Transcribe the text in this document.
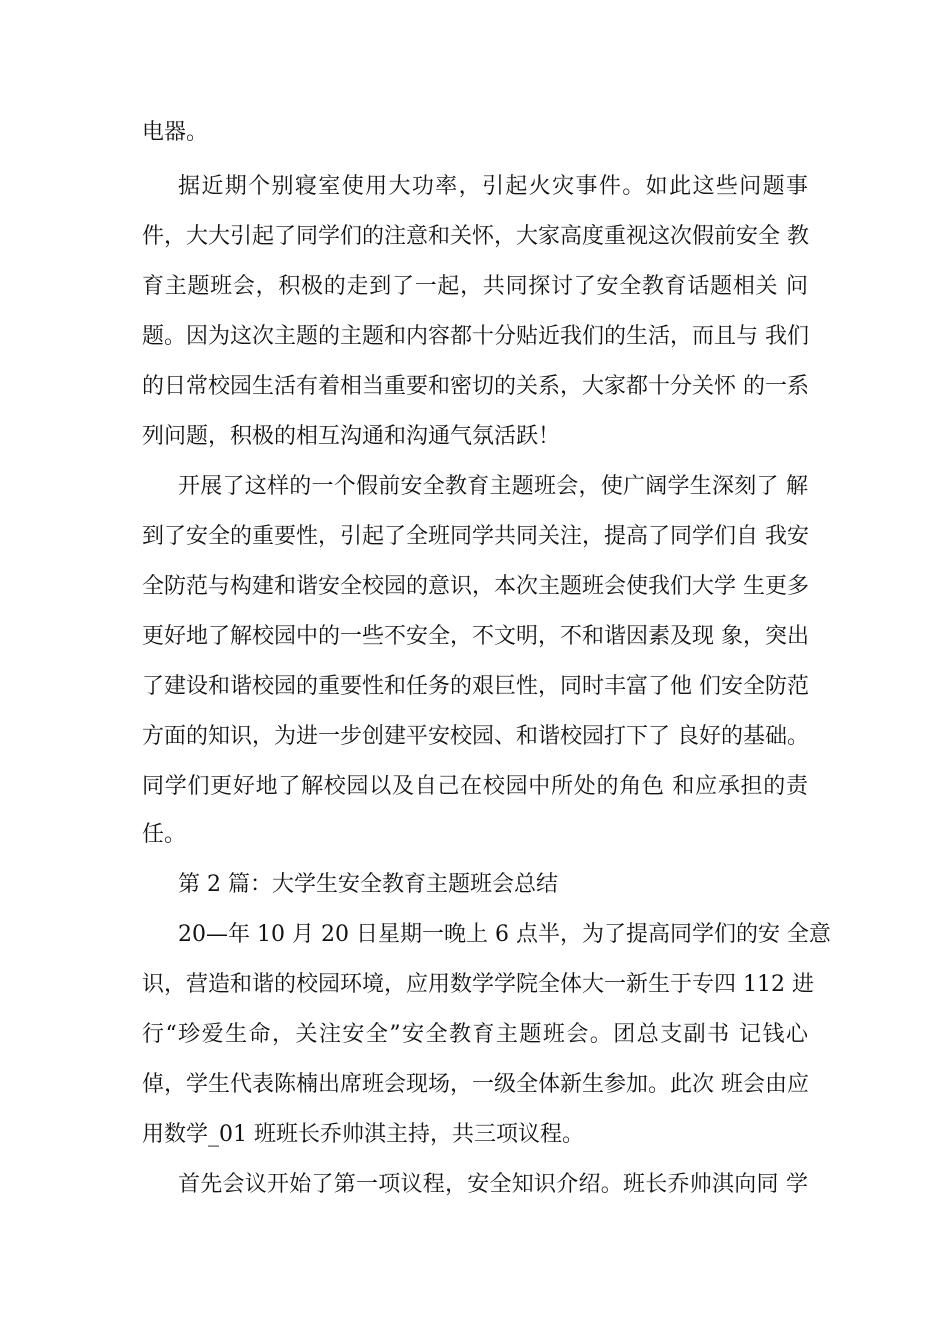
电器。
据近期个别寝室使用大功率，引起火灾事件。如此这些问题事
件，大大引起了同学们的注意和关怀，大家高度重视这次假前安全 教
育主题班会，积极的走到了一起，共同探讨了安全教育话题相关 问
题。因为这次主题的主题和内容都十分贴近我们的生活，而且与 我们
的日常校园生活有着相当重要和密切的关系，大家都十分关怀 的一系
列问题，积极的相互沟通和沟通气氛活跃！
开展了这样的一个假前安全教育主题班会，使广阔学生深刻了 解
到了安全的重要性，引起了全班同学共同关注，提高了同学们自 我安
全防范与构建和谐安全校园的意识，本次主题班会使我们大学 生更多
更好地了解校园中的一些不安全，不文明，不和谐因素及现 象，突出
了建设和谐校园的重要性和任务的艰巨性，同时丰富了他 们安全防范
方面的知识，为进一步创建平安校园、和谐校园打下了 良好的基础。
同学们更好地了解校园以及自己在校园中所处的角色 和应承担的责
任。
第 2 篇：大学生安全教育主题班会总结
20—年 10 月 20 日星期一晚上 6 点半，为了提高同学们的安 全意
识，营造和谐的校园环境，应用数学学院全体大一新生于专四 112 进
行“珍爱生命，关注安全”安全教育主题班会。团总支副书 记钱心
倬，学生代表陈楠出席班会现场，一级全体新生参加。此次 班会由应
用数学_01 班班长乔帅淇主持，共三项议程。
首先会议开始了第一项议程，安全知识介绍。班长乔帅淇向同 学
